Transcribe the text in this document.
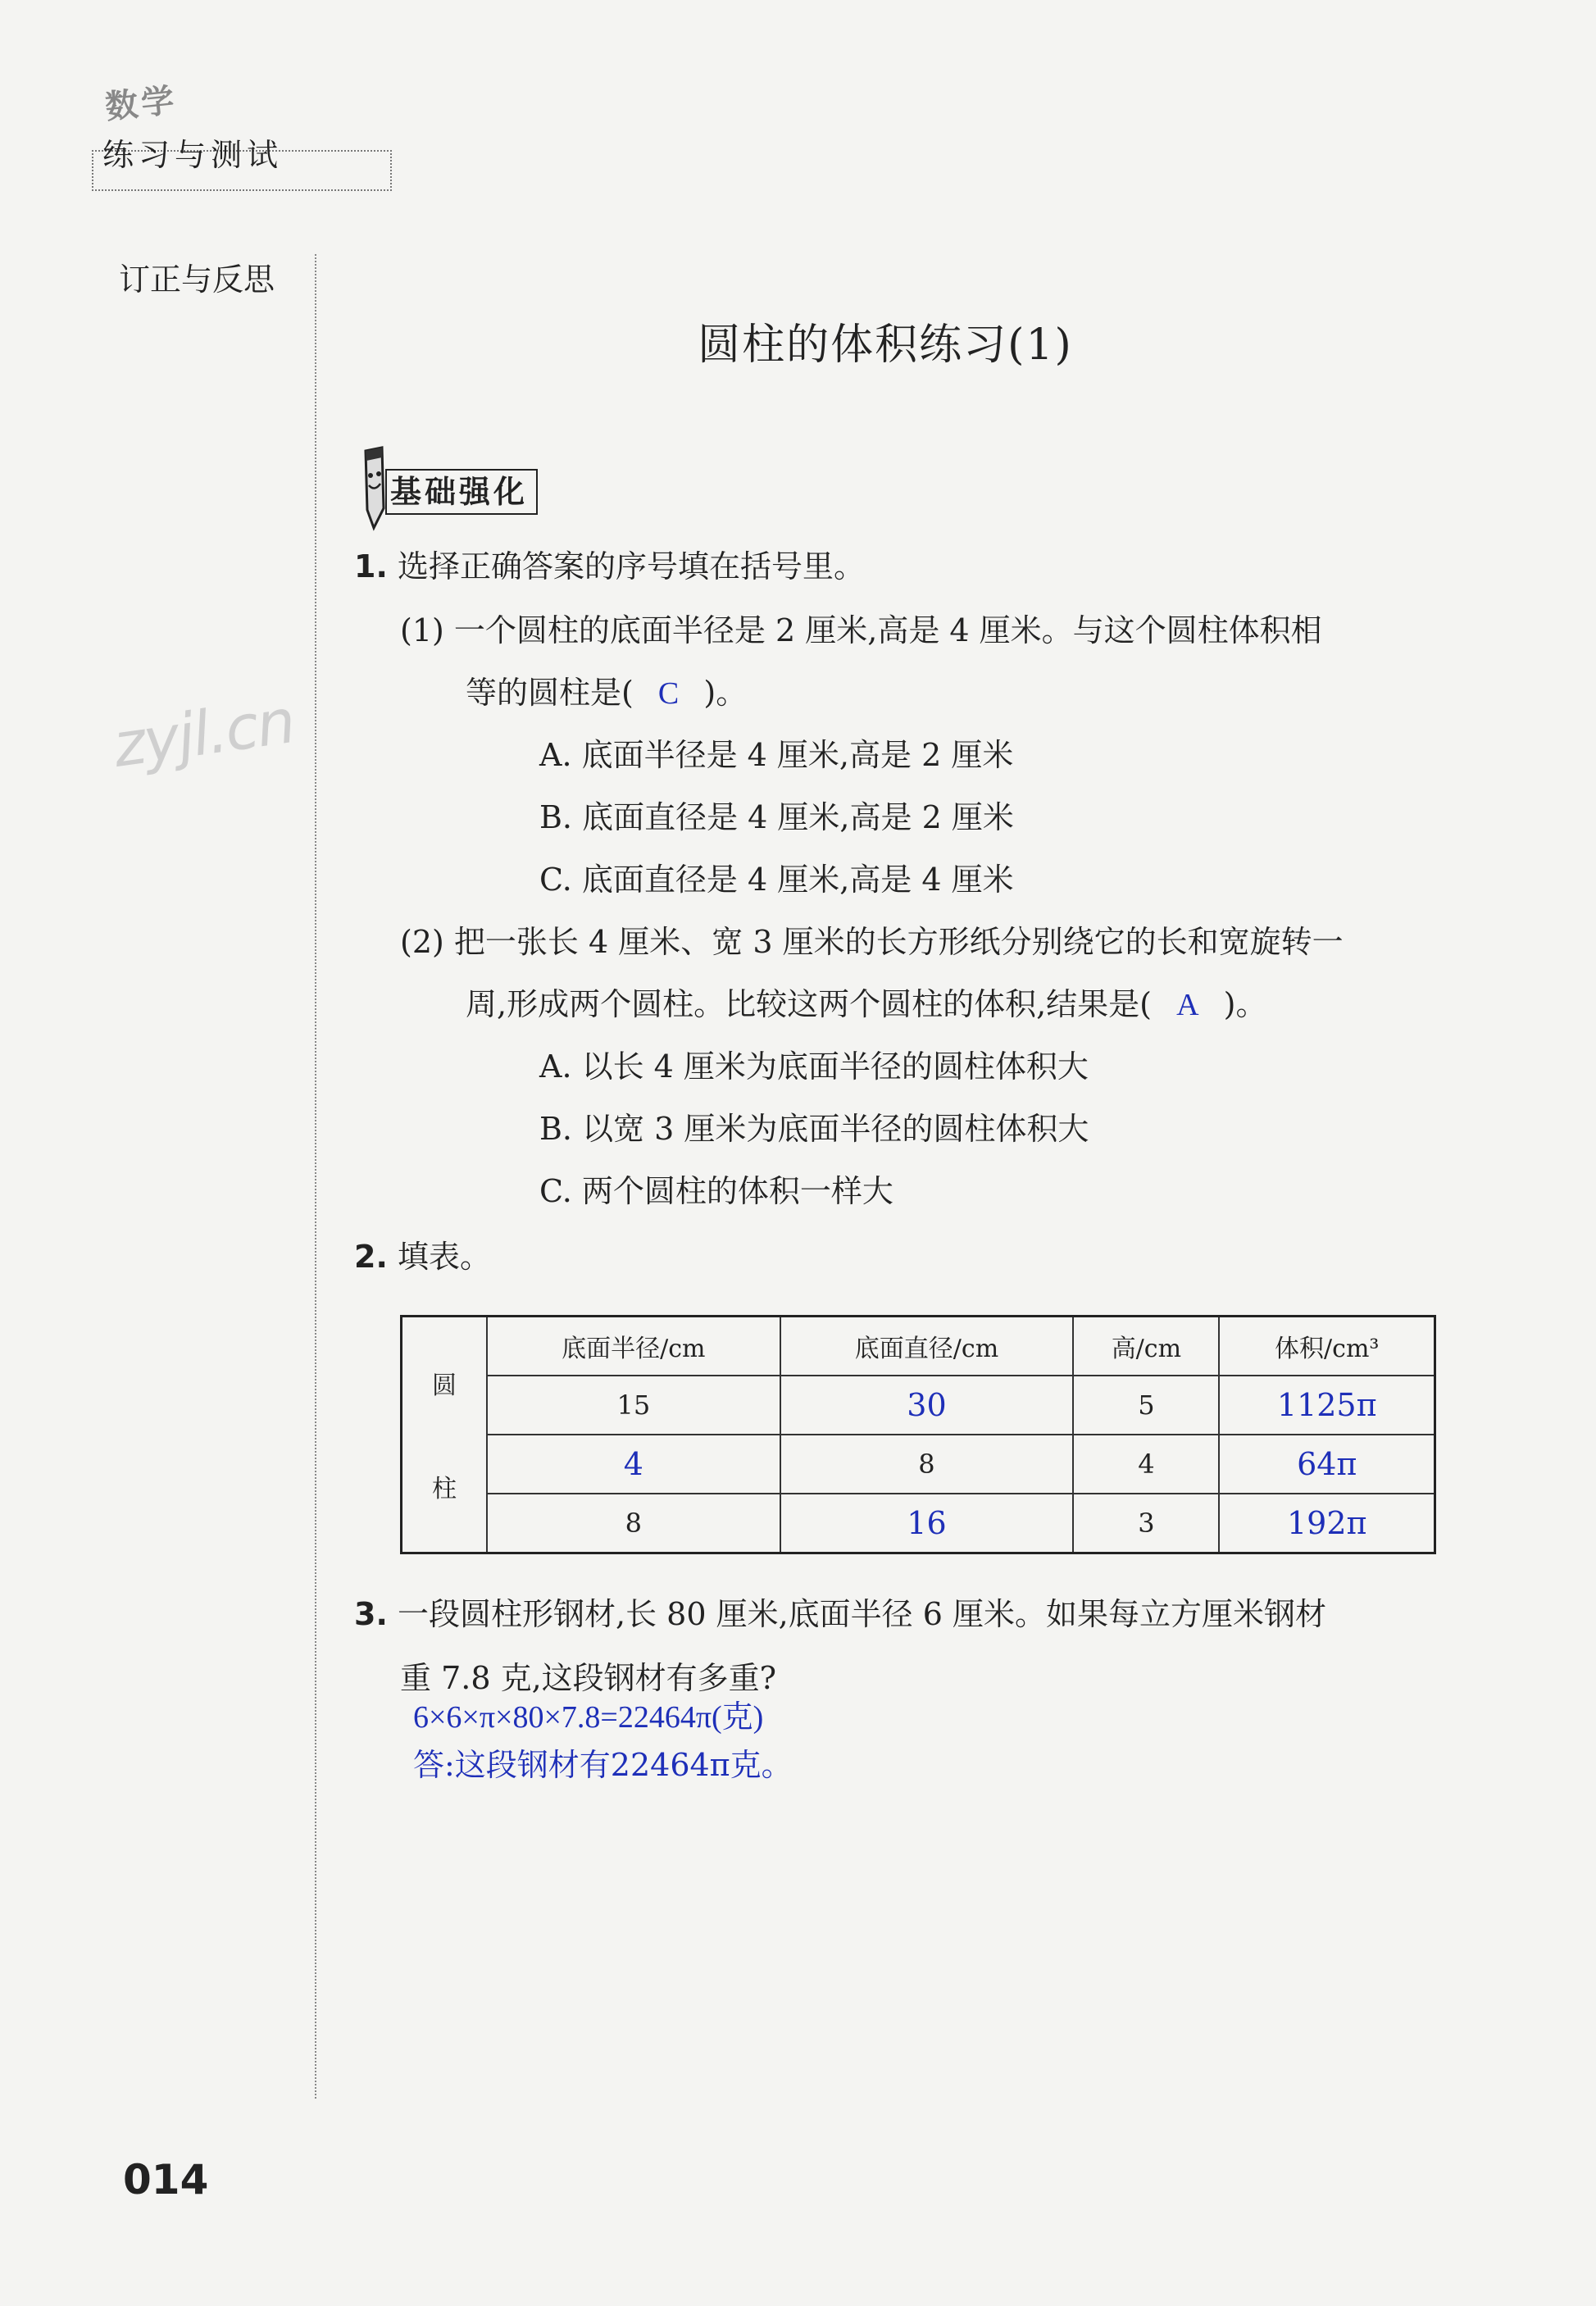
数学
练习与测试
订正与反思
zyjl.cn
圆柱的体积练习(1)
基础强化
1. 选择正确答案的序号填在括号里。
(1) 一个圆柱的底面半径是 2 厘米,高是 4 厘米。与这个圆柱体积相
等的圆柱是( C )。
A. 底面半径是 4 厘米,高是 2 厘米
B. 底面直径是 4 厘米,高是 2 厘米
C. 底面直径是 4 厘米,高是 4 厘米
(2) 把一张长 4 厘米、宽 3 厘米的长方形纸分别绕它的长和宽旋转一
周,形成两个圆柱。比较这两个圆柱的体积,结果是( A )。
A. 以长 4 厘米为底面半径的圆柱体积大
B. 以宽 3 厘米为底面半径的圆柱体积大
C. 两个圆柱的体积一样大
2. 填表。
圆
柱	底面半径/cm	底面直径/cm	高/cm	体积/cm³
	15	30	5	1125π
	4	8	4	64π
	8	16	3	192π
3. 一段圆柱形钢材,长 80 厘米,底面半径 6 厘米。如果每立方厘米钢材
重 7.8 克,这段钢材有多重?
6×6×π×80×7.8=22464π(克)
答:这段钢材有22464π克。
014
